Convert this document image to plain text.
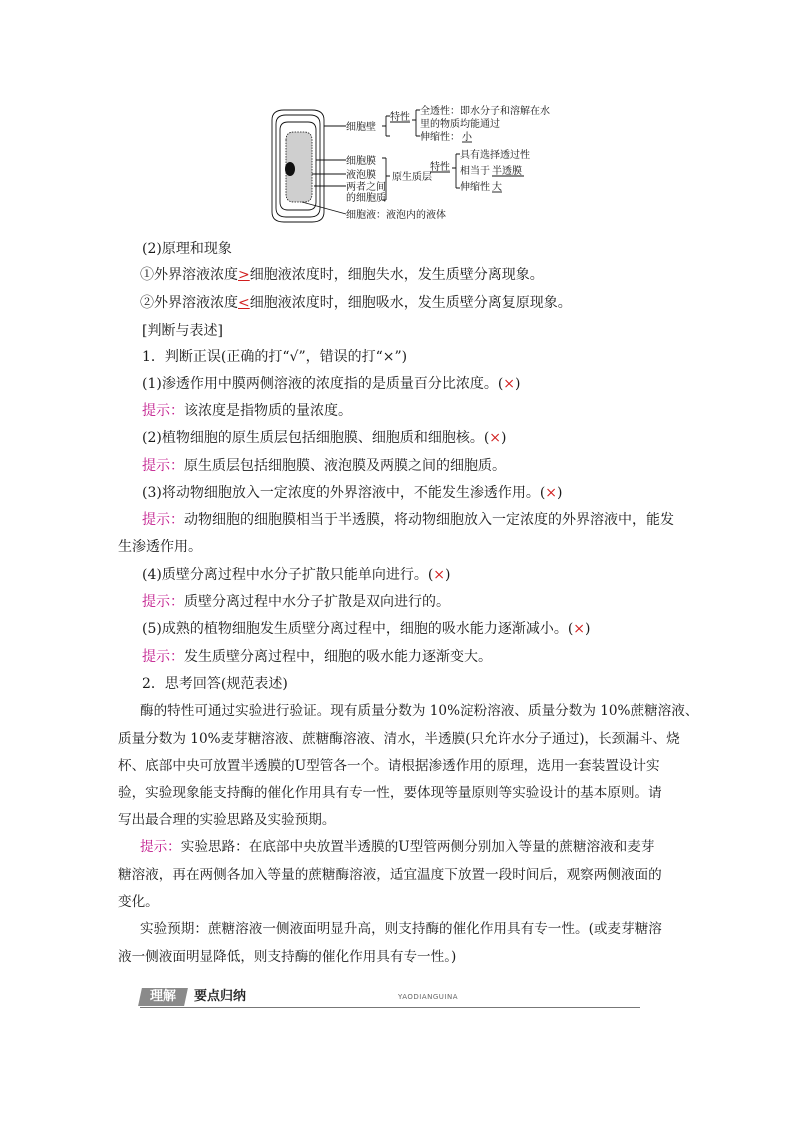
细胞壁
特性
全透性：即水分子和溶解在水
里的物质均能通过
伸缩性： 小
细胞膜
液泡膜
两者之间
的细胞质
原生质层
特性
具有选择透过性
相当于 半透膜
伸缩性 大
细胞液：液泡内的液体
(2)原理和现象
①外界溶液浓度>细胞液浓度时，细胞失水，发生质壁分离现象。
②外界溶液浓度<细胞液浓度时，细胞吸水，发生质壁分离复原现象。
[判断与表述]
1．判断正误(正确的打“√”，错误的打“×”)
(1)渗透作用中膜两侧溶液的浓度指的是质量百分比浓度。(×)
提示：该浓度是指物质的量浓度。
(2)植物细胞的原生质层包括细胞膜、细胞质和细胞核。(×)
提示：原生质层包括细胞膜、液泡膜及两膜之间的细胞质。
(3)将动物细胞放入一定浓度的外界溶液中，不能发生渗透作用。(×)
提示：动物细胞的细胞膜相当于半透膜，将动物细胞放入一定浓度的外界溶液中，能发
生渗透作用。
(4)质壁分离过程中水分子扩散只能单向进行。(×)
提示：质壁分离过程中水分子扩散是双向进行的。
(5)成熟的植物细胞发生质壁分离过程中，细胞的吸水能力逐渐减小。(×)
提示：发生质壁分离过程中，细胞的吸水能力逐渐变大。
2．思考回答(规范表述)
酶的特性可通过实验进行验证。现有质量分数为 10%淀粉溶液、质量分数为 10%蔗糖溶液、
质量分数为 10%麦芽糖溶液、蔗糖酶溶液、清水，半透膜(只允许水分子通过)，长颈漏斗、烧
杯、底部中央可放置半透膜的U型管各一个。请根据渗透作用的原理，选用一套装置设计实
验，实验现象能支持酶的催化作用具有专一性，要体现等量原则等实验设计的基本原则。请
写出最合理的实验思路及实验预期。
提示：实验思路：在底部中央放置半透膜的U型管两侧分别加入等量的蔗糖溶液和麦芽
糖溶液，再在两侧各加入等量的蔗糖酶溶液，适宜温度下放置一段时间后，观察两侧液面的
变化。
实验预期：蔗糖溶液一侧液面明显升高，则支持酶的催化作用具有专一性。(或麦芽糖溶
液一侧液面明显降低，则支持酶的催化作用具有专一性。)
理解	要点归纳	YAODIANGUINA
